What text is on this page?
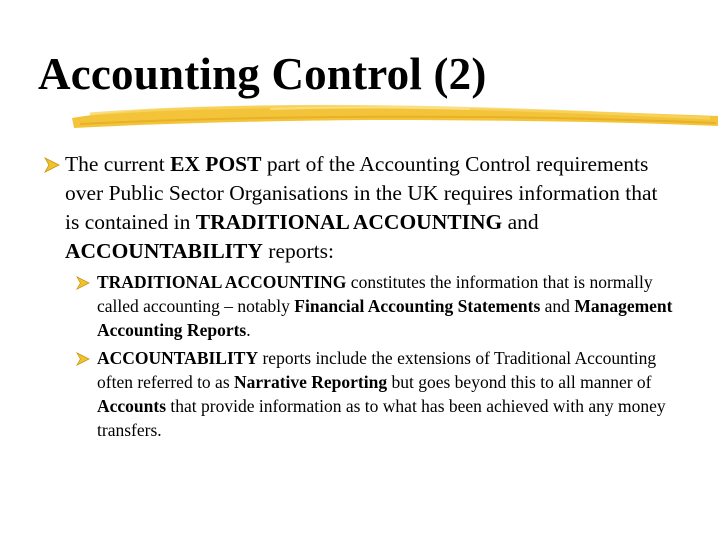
Accounting Control (2)
The current EX POST part of the Accounting Control requirements over Public Sector Organisations in the UK requires information that is contained in TRADITIONAL ACCOUNTING and ACCOUNTABILITY reports:
TRADITIONAL ACCOUNTING constitutes the information that is normally called accounting – notably Financial Accounting Statements and Management Accounting Reports.
ACCOUNTABILITY reports include the extensions of Traditional Accounting often referred to as Narrative Reporting but goes beyond this to all manner of Accounts that provide information as to what has been achieved with any money transfers.
